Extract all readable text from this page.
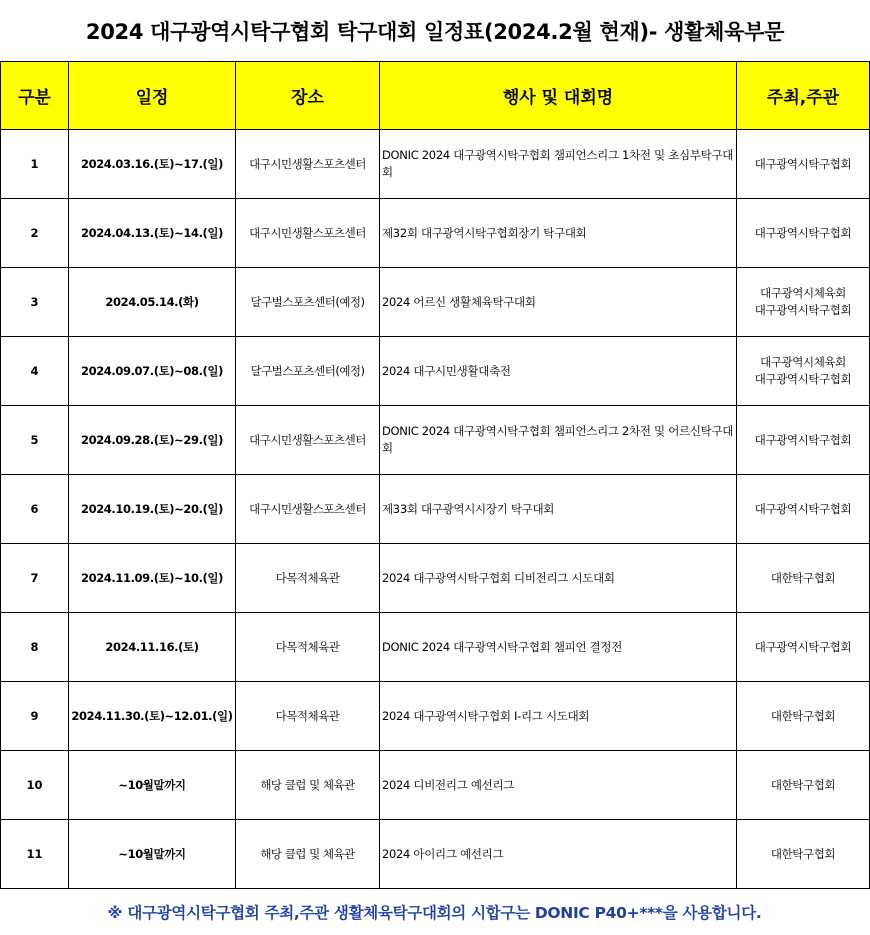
2024 대구광역시탁구협회 탁구대회 일정표(2024.2월 현재)- 생활체육부문
구분	일정	장소	행사 및 대회명	주최,주관
1	2024.03.16.(토)~17.(일)	대구시민생활스포츠센터	DONIC 2024 대구광역시탁구협회 챔피언스리그 1차전 및 초심부탁구대회	대구광역시탁구협회

2	2024.04.13.(토)~14.(일)	대구시민생활스포츠센터	제32회 대구광역시탁구협회장기 탁구대회	대구광역시탁구협회

3	2024.05.14.(화)	달구벌스포츠센터(예정)	2024 어르신 생활체육탁구대회	대구광역시체육회
대구광역시탁구협회

4	2024.09.07.(토)~08.(일)	달구벌스포츠센터(예정)	2024 대구시민생활대축전	대구광역시체육회
대구광역시탁구협회

5	2024.09.28.(토)~29.(일)	대구시민생활스포츠센터	DONIC 2024 대구광역시탁구협회 챔피언스리그 2차전 및 어르신탁구대회	대구광역시탁구협회

6	2024.10.19.(토)~20.(일)	대구시민생활스포츠센터	제33회 대구광역시시장기 탁구대회	대구광역시탁구협회

7	2024.11.09.(토)~10.(일)	다목적체육관	2024 대구광역시탁구협회 디비전리그 시도대회	대한탁구협회

8	2024.11.16.(토)	다목적체육관	DONIC 2024 대구광역시탁구협회 챔피언 결정전	대구광역시탁구협회

9	2024.11.30.(토)~12.01.(일)	다목적체육관	2024 대구광역시탁구협회 I-리그 시도대회	대한탁구협회

10	~10월말까지	해당 클럽 및 체육관	2024 디비전리그 예선리그	대한탁구협회

11	~10월말까지	해당 클럽 및 체육관	2024 아이리그 예선리그	대한탁구협회
※ 대구광역시탁구협회 주최,주관 생활체육탁구대회의 시합구는 DONIC P40+***을 사용합니다.
